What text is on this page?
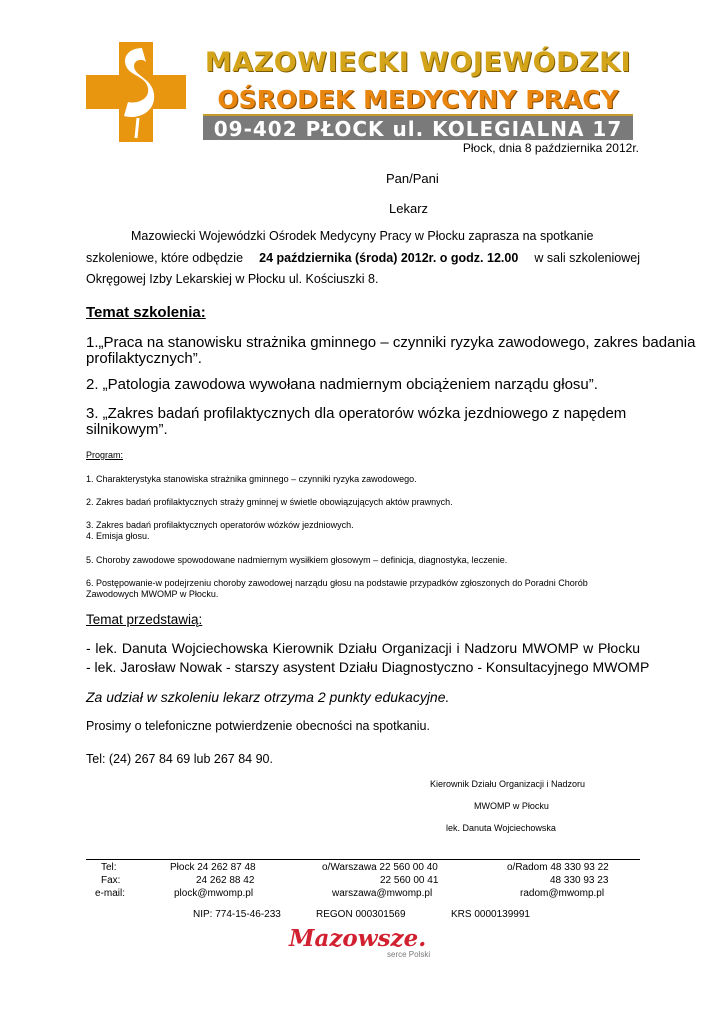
MAZOWIECKI WOJEWÓDZKI
OŚRODEK MEDYCYNY PRACY
09-402 PŁOCK ul. KOLEGIALNA 17
Płock, dnia 8 października 2012r.
Pan/Pani
Lekarz
Mazowiecki Wojewódzki Ośrodek Medycyny Pracy w Płocku zaprasza na spotkanie
szkoleniowe, które odbędzie 24 października (środa) 2012r. o godz. 12.00 w sali szkoleniowej
Okręgowej Izby Lekarskiej w Płocku ul. Kościuszki 8.
Temat szkolenia:
1.„Praca na stanowisku strażnika gminnego – czynniki ryzyka zawodowego, zakres badania
profilaktycznych”.
2. „Patologia zawodowa wywołana nadmiernym obciążeniem narządu głosu”.
3. „Zakres badań profilaktycznych dla operatorów wózka jezdniowego z napędem
silnikowym”.
Program:
1. Charakterystyka stanowiska strażnika gminnego – czynniki ryzyka zawodowego.
2. Zakres badań profilaktycznych straży gminnej w świetle obowiązujących aktów prawnych.
3. Zakres badań profilaktycznych operatorów wózków jezdniowych.
4. Emisja głosu.
5. Choroby zawodowe spowodowane nadmiernym wysiłkiem głosowym – definicja, diagnostyka, leczenie.
6. Postępowanie-w podejrzeniu choroby zawodowej narządu głosu na podstawie przypadków zgłoszonych do Poradni Chorób
Zawodowych MWOMP w Płocku.
Temat przedstawią:
- lek. Danuta Wojciechowska Kierownik Działu Organizacji i Nadzoru MWOMP w Płocku
- lek. Jarosław Nowak - starszy asystent Działu Diagnostyczno - Konsultacyjnego MWOMP
Za udział w szkoleniu lekarz otrzyma 2 punkty edukacyjne.
Prosimy o telefoniczne potwierdzenie obecności na spotkaniu.
Tel: (24) 267 84 69 lub 267 84 90.
Kierownik Działu Organizacji i Nadzoru
MWOMP w Płocku
lek. Danuta Wojciechowska
Tel:
Fax:
e-mail:
Płock 24 262 87 48
24 262 88 42
plock@mwomp.pl
o/Warszawa 22 560 00 40
22 560 00 41
warszawa@mwomp.pl
o/Radom 48 330 93 22
48 330 93 23
radom@mwomp.pl
NIP: 774-15-46-233	REGON 000301569	KRS 0000139991
Mazowsze.
serce Polski
